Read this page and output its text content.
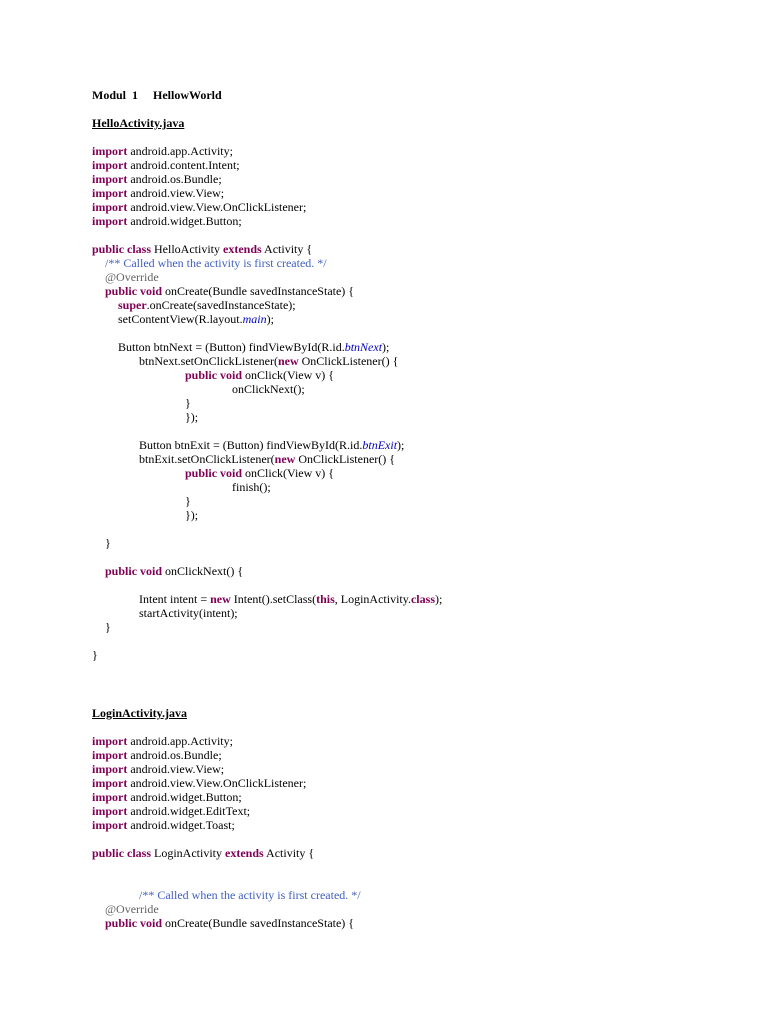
Modul  1 HellowWorld
HelloActivity.java
import android.app.Activity;
import android.content.Intent;
import android.os.Bundle;
import android.view.View;
import android.view.View.OnClickListener;
import android.widget.Button;
public class HelloActivity extends Activity {
/** Called when the activity is first created. */
@Override
public void onCreate(Bundle savedInstanceState) {
super.onCreate(savedInstanceState);
setContentView(R.layout.main);
Button btnNext = (Button) findViewById(R.id.btnNext);
btnNext.setOnClickListener(new OnClickListener() {
public void onClick(View v) {
onClickNext();
}
});
Button btnExit = (Button) findViewById(R.id.btnExit);
btnExit.setOnClickListener(new OnClickListener() {
public void onClick(View v) {
finish();
}
});
}
public void onClickNext() {
Intent intent = new Intent().setClass(this, LoginActivity.class);
startActivity(intent);
}
}
LoginActivity.java
import android.app.Activity;
import android.os.Bundle;
import android.view.View;
import android.view.View.OnClickListener;
import android.widget.Button;
import android.widget.EditText;
import android.widget.Toast;
public class LoginActivity extends Activity {
/** Called when the activity is first created. */
@Override
public void onCreate(Bundle savedInstanceState) {
